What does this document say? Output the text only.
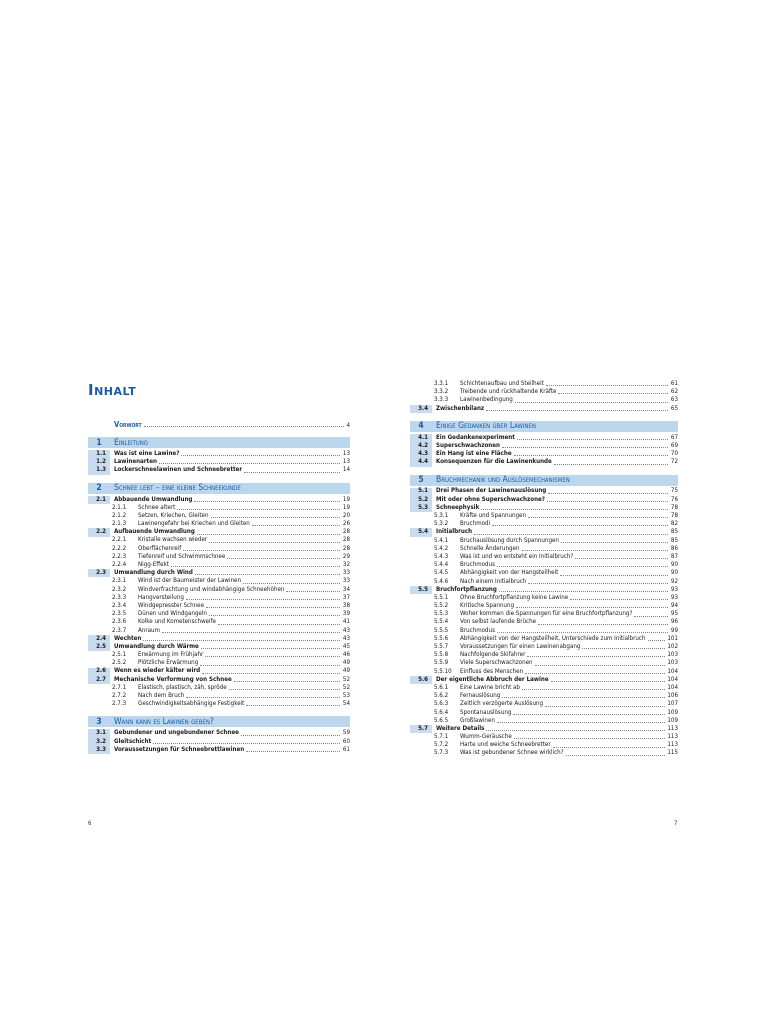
Inhalt
Vorwort	4
1	Einleitung
1.1	Was ist eine Lawine?	13
1.2	Lawinenarten	13
1.3	Lockerschneelawinen und Schneebretter	14
2	Schnee lebt – eine kleine Schneekunde
2.1	Abbauende Umwandlung	19
2.1.1	Schnee altert	19
2.1.2	Setzen, Kriechen, Gleiten	20
2.1.3	Lawinengefahr bei Kriechen und Gleiten	26
2.2	Aufbauende Umwandlung	28
2.2.1	Kristalle wachsen wieder	28
2.2.2	Oberflächenreif	28
2.2.3	Tiefenreif und Schwimmschnee	29
2.2.4	Nigg-Effekt	32
2.3	Umwandlung durch Wind	33
2.3.1	Wind ist der Baumeister der Lawinen	33
2.3.2	Windverfrachtung und windabhängige Schneehöhen	34
2.3.3	Hangversteilung	37
2.3.4	Windgepresster Schnee	38
2.3.5	Dünen und Windgangeln	39
2.3.6	Kolke und Kometenschweife	41
2.3.7	Anraum	43
2.4	Wechten	43
2.5	Umwandlung durch Wärme	45
2.5.1	Erwärmung im Frühjahr	46
2.5.2	Plötzliche Erwärmung	49
2.6	Wenn es wieder kälter wird	49
2.7	Mechanische Verformung von Schnee	52
2.7.1	Elastisch, plastisch, zäh, spröde	52
2.7.2	Nach dem Bruch	53
2.7.3	Geschwindigkeitsabhängige Festigkeit	54
3	Wann kann es Lawinen geben?
3.1	Gebundener und ungebundener Schnee	59
3.2	Gleitschicht	60
3.3	Voraussetzungen für Schneebrettlawinen	61
3.3.1	Schichtenaufbau und Steilheit	61
3.3.2	Treibende und rückhaltende Kräfte	62
3.3.3	Lawinenbedingung	63
3.4	Zwischenbilanz	65
4	Einige Gedanken über Lawinen
4.1	Ein Gedankenexperiment	67
4.2	Superschwachzonen	69
4.3	Ein Hang ist eine Fläche	70
4.4	Konsequenzen für die Lawinenkunde	72
5	Bruchmechanik und Auslösemechanismen
5.1	Drei Phasen der Lawinenauslösung	75
5.2	Mit oder ohne Superschwachzone?	76
5.3	Schneephysik	78
5.3.1	Kräfte und Spannungen	78
5.3.2	Bruchmodi	82
5.4	Initialbruch	85
5.4.1	Bruchauslösung durch Spannungen	85
5.4.2	Schnelle Änderungen	86
5.4.3	Was ist und wo entsteht ein Initialbruch?	87
5.4.4	Bruchmodus	90
5.4.5	Abhängigkeit von der Hangsteilheit	90
5.4.6	Nach einem Initialbruch	92
5.5	Bruchfortpflanzung	93
5.5.1	Ohne Bruchfortpflanzung keine Lawine	93
5.5.2	Kritische Spannung	94
5.5.3	Woher kommen die Spannungen für eine Bruchfortpflanzung?	95
5.5.4	Von selbst laufende Brüche	96
5.5.5	Bruchmodus	99
5.5.6	Abhängigkeit von der Hangsteilheit, Unterschiede zum Initialbruch	101
5.5.7	Voraussetzungen für einen Lawinenabgang	102
5.5.8	Nachfolgende Skifahrer	103
5.5.9	Viele Superschwachzonen	103
5.5.10	Einfluss des Menschen	104
5.6	Der eigentliche Abbruch der Lawine	104
5.6.1	Eine Lawine bricht ab	104
5.6.2	Fernauslösung	106
5.6.3	Zeitlich verzögerte Auslösung	107
5.6.4	Spontanauslösung	109
5.6.5	Großlawinen	109
5.7	Weitere Details	113
5.7.1	Wumm-Geräusche	113
5.7.2	Harte und weiche Schneebretter	113
5.7.3	Was ist gebundener Schnee wirklich?	115
6	7
